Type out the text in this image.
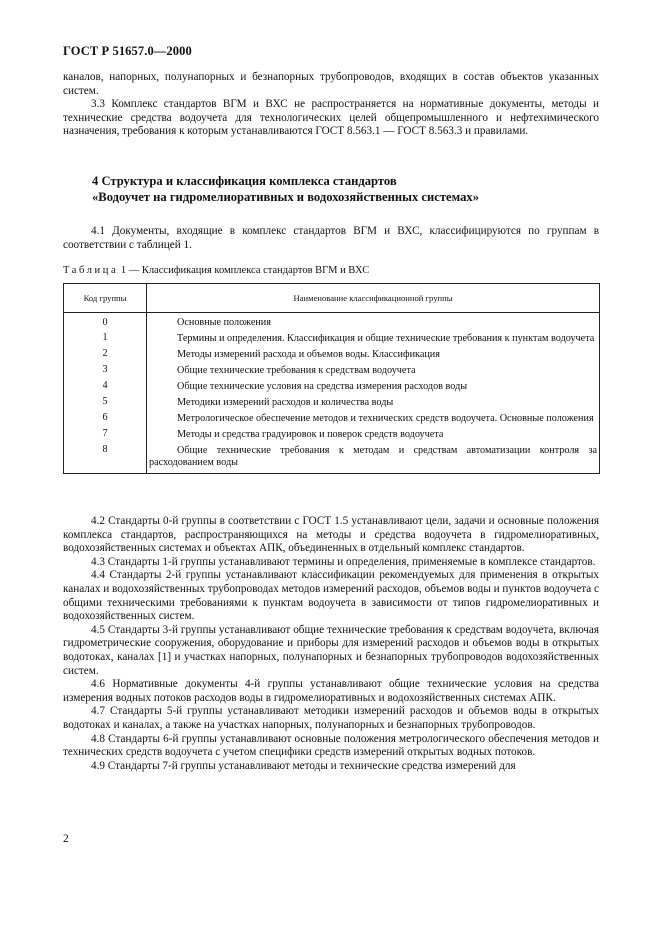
ГОСТ Р 51657.0—2000

каналов, напорных, полунапорных и безнапорных трубопроводов, входящих в состав объектов указанных систем.

3.3 Комплекс стандартов ВГМ и ВХС не распространяется на нормативные документы, методы и технические средства водоучета для технологических целей общепромышленного и нефтехимического назначения, требования к которым устанавливаются ГОСТ 8.563.1 — ГОСТ 8.563.3 и правилами.

4 Структура и классификация комплекса стандартов
«Водоучет на гидромелиоративных и водохозяйственных системах»

4.1 Документы, входящие в комплекс стандартов ВГМ и ВХС, классифицируются по группам в соответствии с таблицей 1.

Таблица 1 — Классификация комплекса стандартов ВГМ и ВХС
Код группы	Наименование классификационной группы
0	Основные положения

1	Термины и определения. Классификация и общие технические требования к пунктам водоучета

2	Методы измерений расхода и объемов воды. Классификация

3	Общие технические требования к средствам водоучета

4	Общие технические условия на средства измерения расходов воды

5	Методики измерений расходов и количества воды

6	Метрологическое обеспечение методов и технических средств водоучета. Основные положения

7	Методы и средства градуировок и поверок средств водоучета

8	Общие технические требования к методам и средствам автоматизации контроля за расходованием воды

4.2 Стандарты 0-й группы в соответствии с ГОСТ 1.5 устанавливают цели, задачи и основные положения комплекса стандартов, распространяющихся на методы и средства водоучета в гидромелиоративных, водохозяйственных системах и объектах АПК, объединенных в отдельный комплекс стандартов.

4.3 Стандарты 1-й группы устанавливают термины и определения, применяемые в комплексе стандартов.

4.4 Стандарты 2-й группы устанавливают классификации рекомендуемых для применения в открытых каналах и водохозяйственных трубопроводах методов измерений расходов, объемов воды и пунктов водоучета с общими техническими требованиями к пунктам водоучета в зависимости от типов гидромелиоративных и водохозяйственных систем.

4.5 Стандарты 3-й группы устанавливают общие технические требования к средствам водоучета, включая гидрометрические сооружения, оборудование и приборы для измерений расходов и объемов воды в открытых водотоках, каналах [1] и участках напорных, полунапорных и безнапорных трубопроводов водохозяйственных систем.

4.6 Нормативные документы 4-й группы устанавливают общие технические условия на средства измерения водных потоков расходов воды в гидромелиоративных и водохозяйственных системах АПК.

4.7 Стандарты 5-й группы устанавливают методики измерений расходов и объемов воды в открытых водотоках и каналах, а также на участках напорных, полунапорных и безнапорных трубопроводов.

4.8 Стандарты 6-й группы устанавливают основные положения метрологического обеспечения методов и технических средств водоучета с учетом специфики средств измерений открытых водных потоков.

4.9 Стандарты 7-й группы устанавливают методы и технические средства измерений для

2
